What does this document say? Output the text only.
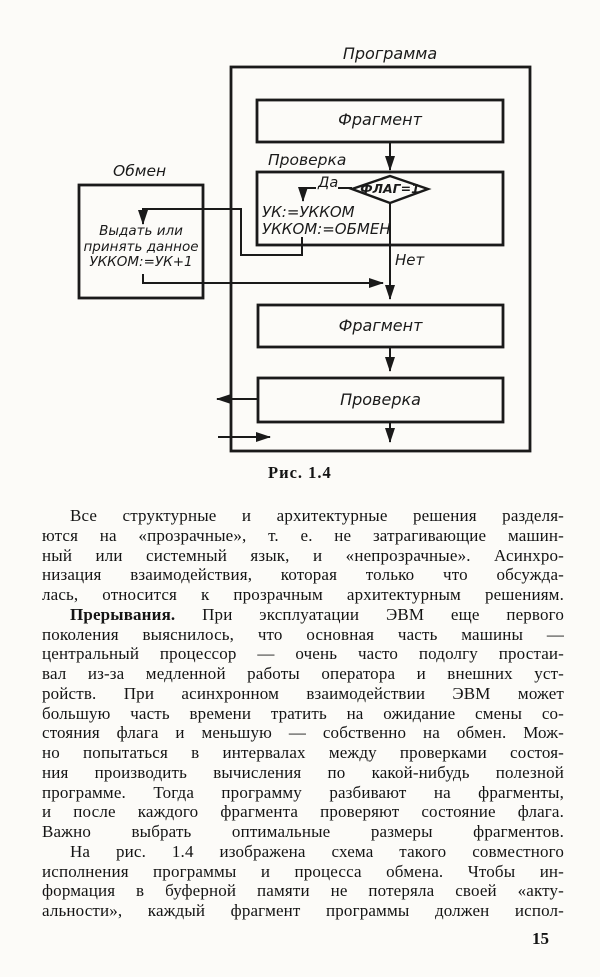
Программа
Фрагмент
Проверка
Да	ФЛАГ=1
УК:=УККОМ
УККОМ:=ОБМЕН
Обмен
Выдать или
принять данное
УККОМ:=УК+1	Нет
Фрагмент
Проверка
Рис. 1.4
Все структурные и архитектурные решения разделя-
ются на «прозрачные», т. е. не затрагивающие машин-
ный или системный язык, и «непрозрачные». Асинхро-
низация взаимодействия, которая только что обсужда-
лась, относится к прозрачным архитектурным решениям.
Прерывания. При эксплуатации ЭВМ еще первого
поколения выяснилось, что основная часть машины —
центральный процессор — очень часто подолгу простаи-
вал из-за медленной работы оператора и внешних уст-
ройств. При асинхронном взаимодействии ЭВМ может
большую часть времени тратить на ожидание смены со-
стояния флага и меньшую — собственно на обмен. Мож-
но попытаться в интервалах между проверками состоя-
ния производить вычисления по какой-нибудь полезной
программе. Тогда программу разбивают на фрагменты,
и после каждого фрагмента проверяют состояние флага.
Важно выбрать оптимальные размеры фрагментов.
На рис. 1.4 изображена схема такого совместного
исполнения программы и процесса обмена. Чтобы ин-
формация в буферной памяти не потеряла своей «акту-
альности», каждый фрагмент программы должен испол-
15
